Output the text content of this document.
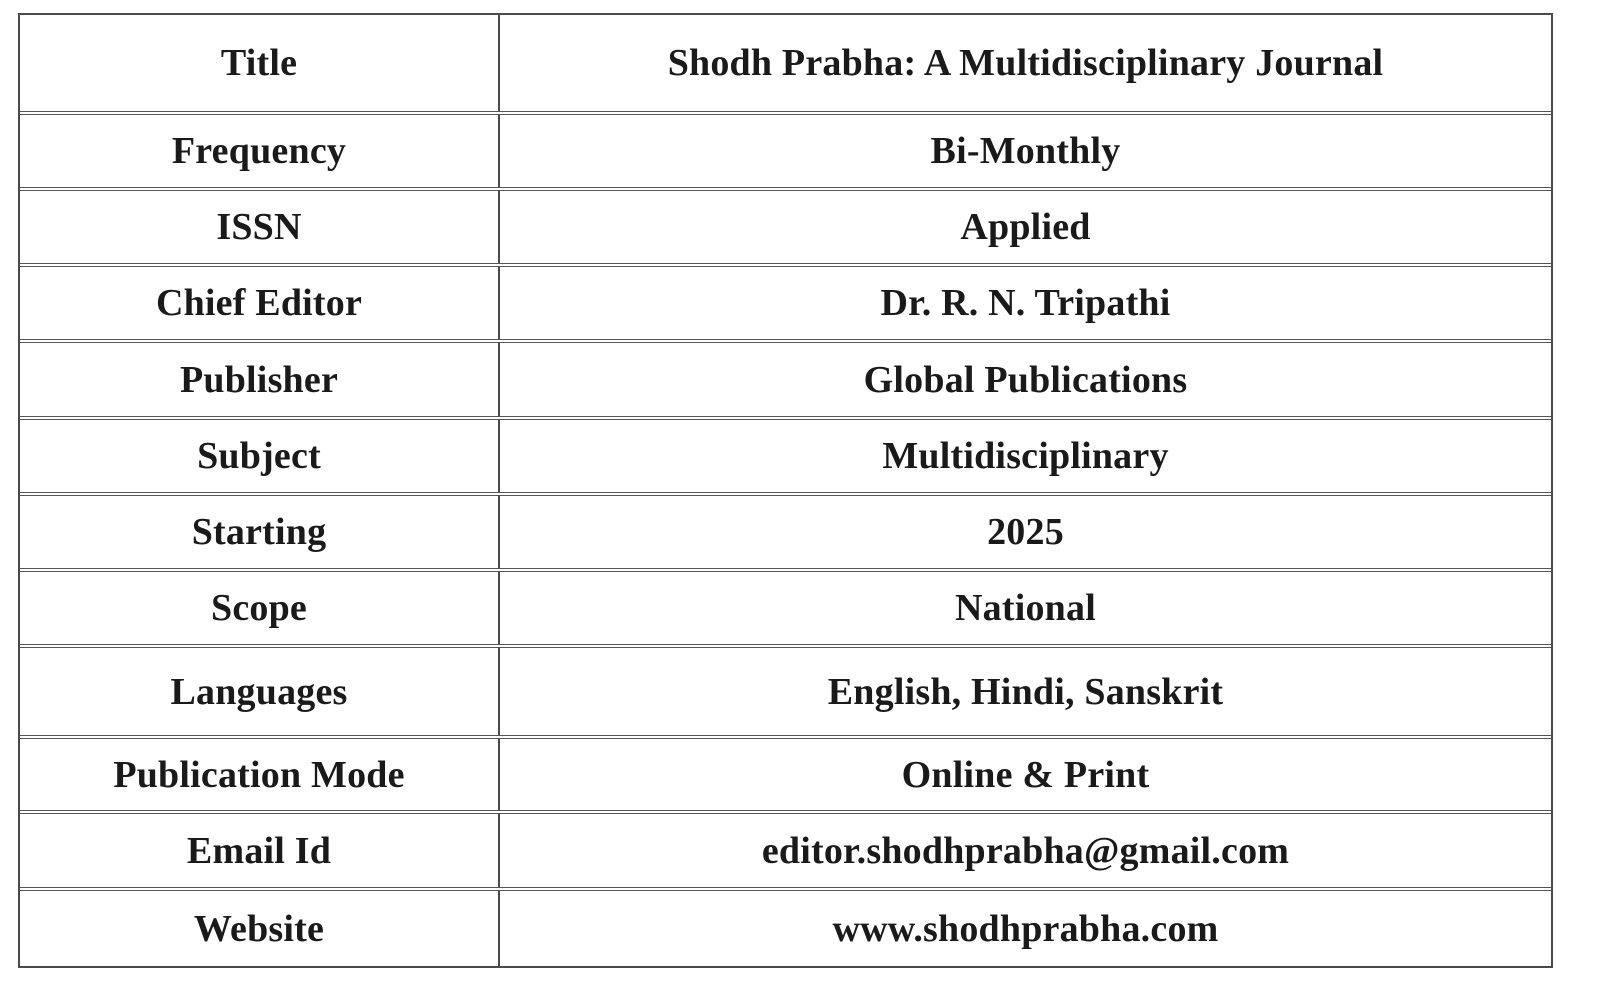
Title	Shodh Prabha: A Multidisciplinary Journal
Frequency	Bi-Monthly
ISSN	Applied
Chief Editor	Dr. R. N. Tripathi
Publisher	Global Publications
Subject	Multidisciplinary
Starting	2025
Scope	National
Languages	English, Hindi, Sanskrit
Publication Mode	Online & Print
Email Id	editor.shodhprabha@gmail.com
Website	www.shodhprabha.com
